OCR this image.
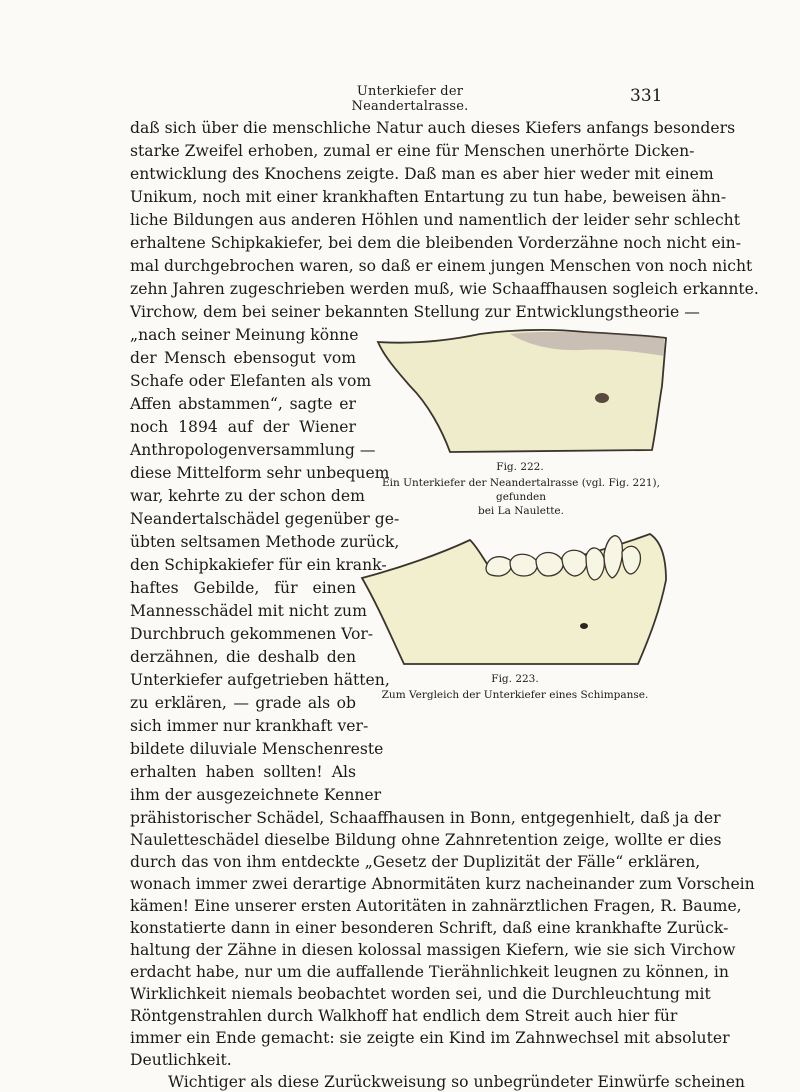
Unterkiefer der Neandertalrasse.
331
daß sich über die menschliche Natur auch dieses Kiefers anfangs besonders
starke Zweifel erhoben, zumal er eine für Menschen unerhörte Dicken-
entwicklung des Knochens zeigte. Daß man es aber hier weder mit einem
Unikum, noch mit einer krankhaften Entartung zu tun habe, beweisen ähn-
liche Bildungen aus anderen Höhlen und namentlich der leider sehr schlecht
erhaltene Schipkakiefer, bei dem die bleibenden Vorderzähne noch nicht ein-
mal durchgebrochen waren, so daß er einem jungen Menschen von noch nicht
zehn Jahren zugeschrieben werden muß, wie Schaaffhausen sogleich erkannte.
Virchow, dem bei seiner bekannten Stellung zur Entwicklungstheorie —
„nach seiner Meinung könne
der Mensch ebensogut vom
Schafe oder Elefanten als vom
Affen abstammen“, sagte er
noch 1894 auf der Wiener
Anthropologenversammlung —
diese Mittelform sehr unbequem
war, kehrte zu der schon dem
Neandertalschädel gegenüber ge-
übten seltsamen Methode zurück,
den Schipkakiefer für ein krank-
haftes Gebilde, für einen
Mannesschädel mit nicht zum
Durchbruch gekommenen Vor-
derzähnen, die deshalb den
Unterkiefer aufgetrieben hätten,
zu erklären, — grade als ob
sich immer nur krankhaft ver-
bildete diluviale Menschenreste
erhalten haben sollten! Als
ihm der ausgezeichnete Kenner
prähistorischer Schädel, Schaaffhausen in Bonn, entgegenhielt, daß ja der
Nauletteschädel dieselbe Bildung ohne Zahnretention zeige, wollte er dies
durch das von ihm entdeckte „Gesetz der Duplizität der Fälle“ erklären,
wonach immer zwei derartige Abnormitäten kurz nacheinander zum Vorschein
kämen! Eine unserer ersten Autoritäten in zahnärztlichen Fragen, R. Baume,
konstatierte dann in einer besonderen Schrift, daß eine krankhafte Zurück-
haltung der Zähne in diesen kolossal massigen Kiefern, wie sie sich Virchow
erdacht habe, nur um die auffallende Tierähnlichkeit leugnen zu können, in
Wirklichkeit niemals beobachtet worden sei, und die Durchleuchtung mit
Röntgenstrahlen durch Walkhoff hat endlich dem Streit auch hier für
immer ein Ende gemacht: sie zeigte ein Kind im Zahnwechsel mit absoluter
Deutlichkeit.
Wichtiger als diese Zurückweisung so unbegründeter Einwürfe scheinen
Fig. 222.
Ein Unterkiefer der Neandertalrasse (vgl. Fig. 221), gefunden
bei La Naulette.
Fig. 223.
Zum Vergleich der Unterkiefer eines Schimpanse.
